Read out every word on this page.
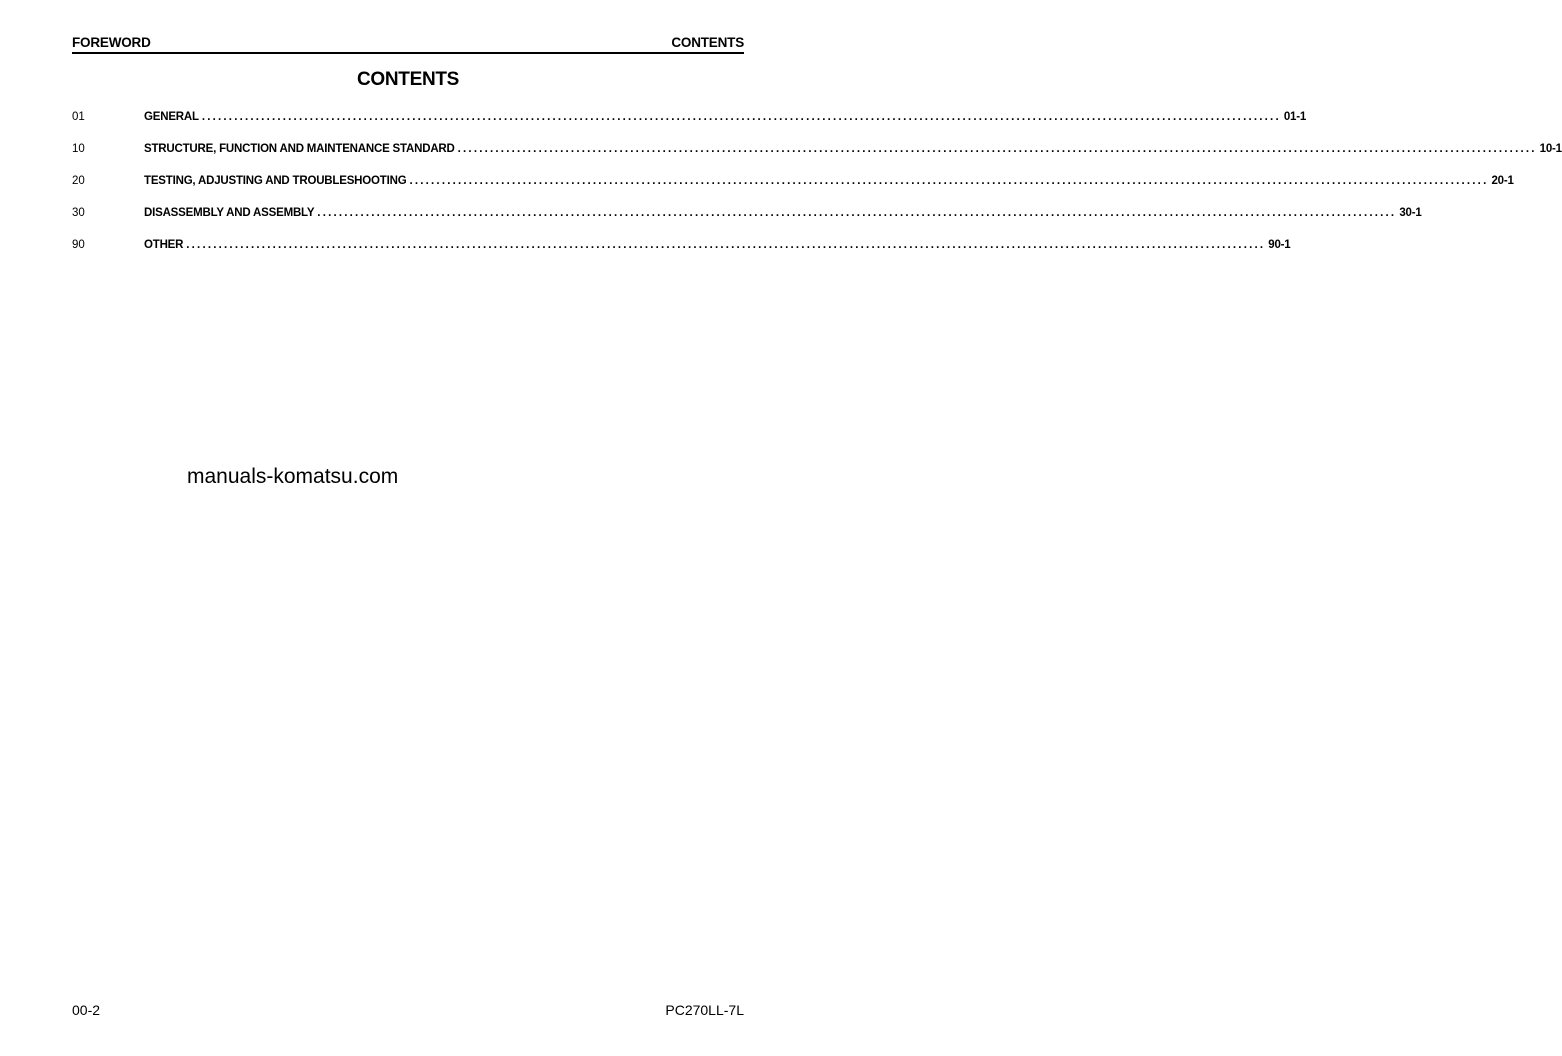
FOREWORD	CONTENTS
CONTENTS
01	GENERAL ........................................................................................................................................................................................................ 01-1
10	STRUCTURE, FUNCTION AND MAINTENANCE STANDARD ........................................................................................................................................................................................................ 10-1
20	TESTING, ADJUSTING AND TROUBLESHOOTING ........................................................................................................................................................................................................ 20-1
30	DISASSEMBLY AND ASSEMBLY ........................................................................................................................................................................................................ 30-1
90	OTHER ........................................................................................................................................................................................................ 90-1
manuals-komatsu.com
00-2	PC270LL-7L
